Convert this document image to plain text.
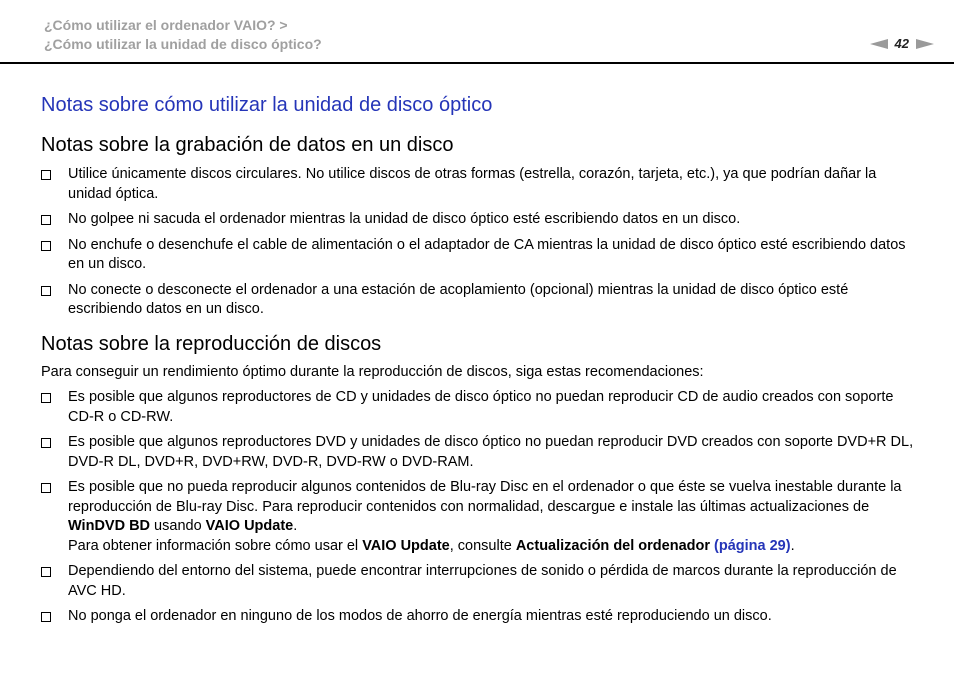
¿Cómo utilizar el ordenador VAIO? >
¿Cómo utilizar la unidad de disco óptico?	42
Notas sobre cómo utilizar la unidad de disco óptico
Notas sobre la grabación de datos en un disco
Utilice únicamente discos circulares. No utilice discos de otras formas (estrella, corazón, tarjeta, etc.), ya que podrían dañar la unidad óptica.
No golpee ni sacuda el ordenador mientras la unidad de disco óptico esté escribiendo datos en un disco.
No enchufe o desenchufe el cable de alimentación o el adaptador de CA mientras la unidad de disco óptico esté escribiendo datos en un disco.
No conecte o desconecte el ordenador a una estación de acoplamiento (opcional) mientras la unidad de disco óptico esté escribiendo datos en un disco.
Notas sobre la reproducción de discos

Para conseguir un rendimiento óptimo durante la reproducción de discos, siga estas recomendaciones:

Es posible que algunos reproductores de CD y unidades de disco óptico no puedan reproducir CD de audio creados con soporte CD-R o CD-RW.
Es posible que algunos reproductores DVD y unidades de disco óptico no puedan reproducir DVD creados con soporte DVD+R DL, DVD-R DL, DVD+R, DVD+RW, DVD-R, DVD-RW o DVD-RAM.
Es posible que no pueda reproducir algunos contenidos de Blu-ray Disc en el ordenador o que éste se vuelva inestable durante la reproducción de Blu-ray Disc. Para reproducir contenidos con normalidad, descargue e instale las últimas actualizaciones de WinDVD BD usando VAIO Update.
Para obtener información sobre cómo usar el VAIO Update, consulte Actualización del ordenador (página 29).
Dependiendo del entorno del sistema, puede encontrar interrupciones de sonido o pérdida de marcos durante la reproducción de AVC HD.
No ponga el ordenador en ninguno de los modos de ahorro de energía mientras esté reproduciendo un disco.
